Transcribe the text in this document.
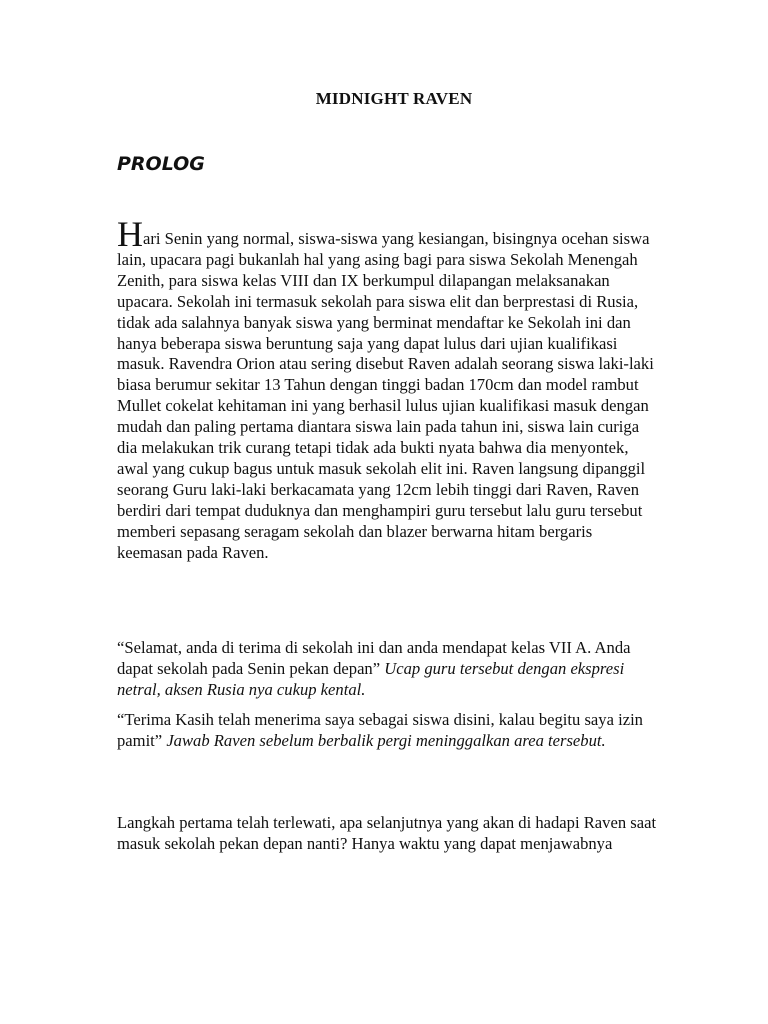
MIDNIGHT RAVEN
PROLOG

Hari Senin yang normal, siswa-siswa yang kesiangan, bisingnya ocehan siswa lain, upacara pagi bukanlah hal yang asing bagi para siswa Sekolah Menengah Zenith, para siswa kelas VIII dan IX berkumpul dilapangan melaksanakan upacara. Sekolah ini termasuk sekolah para siswa elit dan berprestasi di Rusia, tidak ada salahnya banyak siswa yang berminat mendaftar ke Sekolah ini dan hanya beberapa siswa beruntung saja yang dapat lulus dari ujian kualifikasi masuk. Ravendra Orion atau sering disebut Raven adalah seorang siswa laki-laki biasa berumur sekitar 13 Tahun dengan tinggi badan 170cm dan model rambut Mullet cokelat kehitaman ini yang berhasil lulus ujian kualifikasi masuk dengan mudah dan paling pertama diantara siswa lain pada tahun ini, siswa lain curiga dia melakukan trik curang tetapi tidak ada bukti nyata bahwa dia menyontek, awal yang cukup bagus untuk masuk sekolah elit ini. Raven langsung dipanggil seorang Guru laki-laki berkacamata yang 12cm lebih tinggi dari Raven, Raven berdiri dari tempat duduknya dan menghampiri guru tersebut lalu guru tersebut memberi sepasang seragam sekolah dan blazer berwarna hitam bergaris keemasan pada Raven.

“Selamat, anda di terima di sekolah ini dan anda mendapat kelas VII A. Anda dapat sekolah pada Senin pekan depan” Ucap guru tersebut dengan ekspresi netral, aksen Rusia nya cukup kental.

“Terima Kasih telah menerima saya sebagai siswa disini, kalau begitu saya izin pamit” Jawab Raven sebelum berbalik pergi meninggalkan area tersebut.

Langkah pertama telah terlewati, apa selanjutnya yang akan di hadapi Raven saat masuk sekolah pekan depan nanti? Hanya waktu yang dapat menjawabnya
